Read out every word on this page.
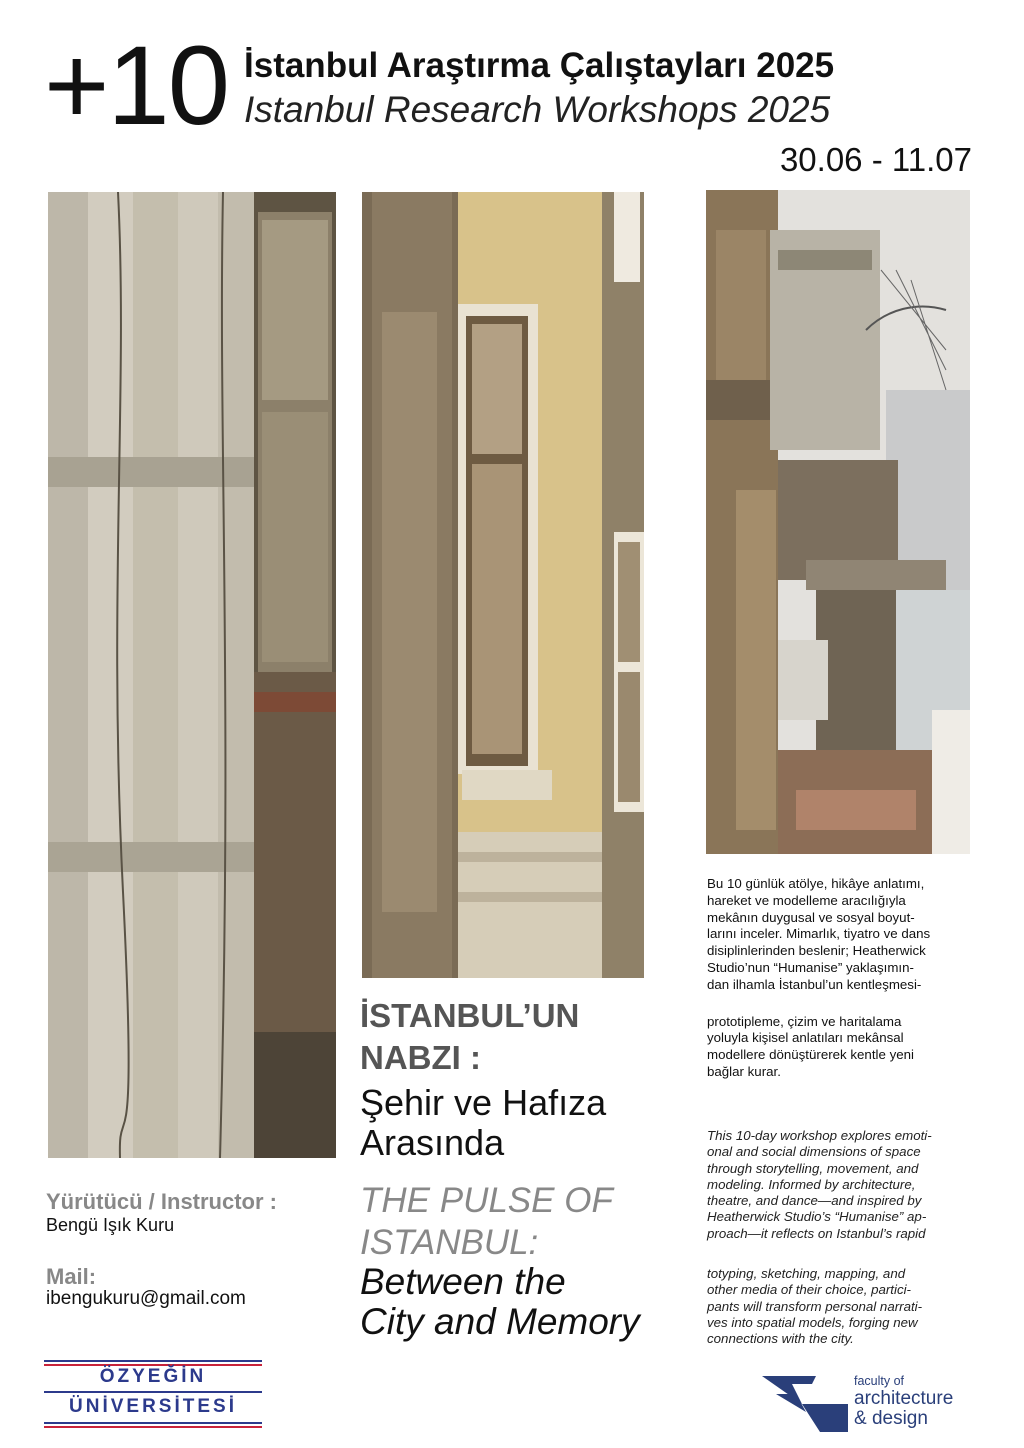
+10 İstanbul Araştırma Çalıştayları 2025
Istanbul Research Workshops 2025
30.06 - 11.07
İSTANBUL’UN
NABZI :
Şehir ve Hafıza
Arasında
THE PULSE OF
ISTANBUL:
Between the
City and Memory

Bu 10 günlük atölye, hikâye anlatımı,
hareket ve modelleme aracılığıyla
mekânın duygusal ve sosyal boyut-
larını inceler. Mimarlık, tiyatro ve dans
disiplinlerinden beslenir; Heatherwick
Studio’nun “Humanise” yaklaşımın-
dan ilhamla İstanbul’un kentleşmesi-

prototipleme, çizim ve haritalama
yoluyla kişisel anlatıları mekânsal
modellere dönüştürerek kentle yeni
bağlar kurar.

This 10-day workshop explores emoti-
onal and social dimensions of space
through storytelling, movement, and
modeling. Informed by architecture,
theatre, and dance—and inspired by
Heatherwick Studio’s “Humanise” ap-
proach—it reflects on Istanbul’s rapid

totyping, sketching, mapping, and
other media of their choice, partici-
pants will transform personal narrati-
ves into spatial models, forging new
connections with the city.

Yürütücü / Instructor :
Bengü Işık Kuru
Mail:
ibengukuru@gmail.com
ÖZYEĞİN
ÜNİVERSİTESİ
faculty of
architecture
& design
